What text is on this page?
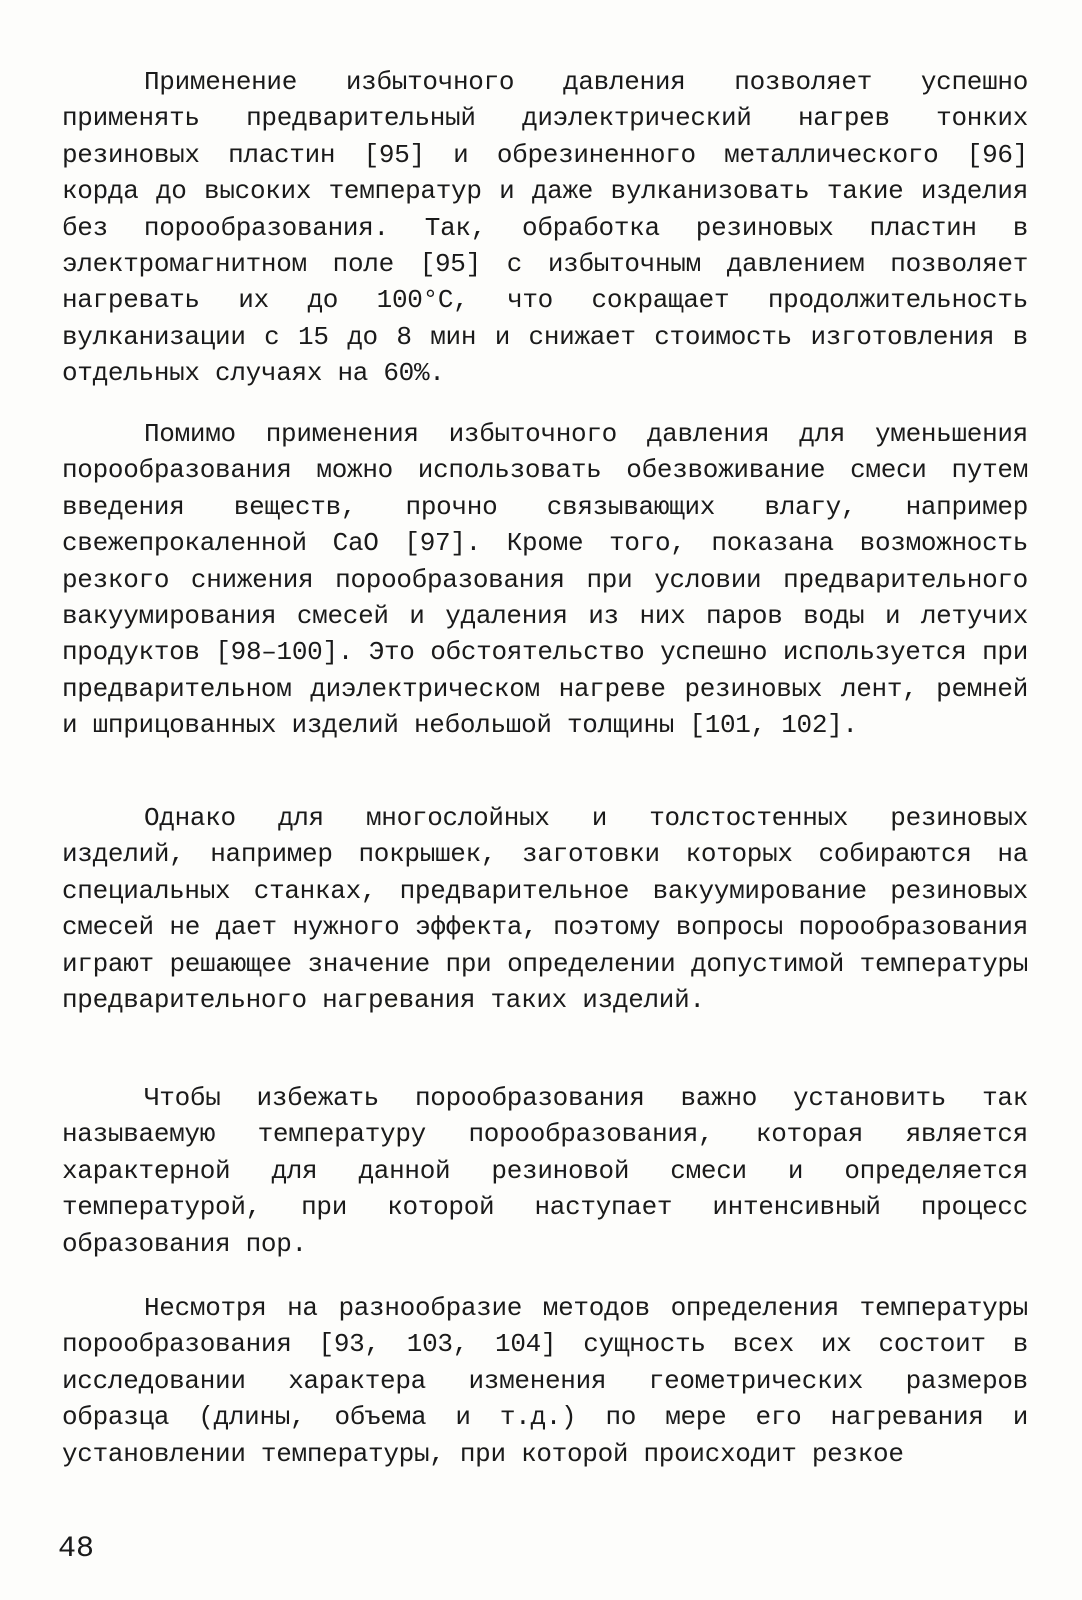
Применение избыточного давления позволяет успешно применять предварительный диэлектрический нагрев тонких резиновых пластин [95] и обрезиненного металлического [96] корда до высоких температур и даже вулканизовать такие изделия без порообразования. Так, обработка резиновых пластин в электромагнитном поле [95] с избыточным давлением позволяет нагревать их до 100°С, что сокращает продолжительность вулканизации с 15 до 8 мин и снижает стоимость изготовления в отдельных случаях на 60%.

Помимо применения избыточного давления для уменьшения порообразования можно использовать обезвоживание смеси путем введения веществ, прочно связывающих влагу, например свежепрокаленной CaO [97]. Кроме того, показана возможность резкого снижения порообразования при условии предварительного вакуумирования смесей и удаления из них паров воды и летучих продуктов [98–100]. Это обстоятельство успешно используется при предварительном диэлектрическом нагреве резиновых лент, ремней и шприцованных изделий небольшой толщины [101, 102].

Однако для многослойных и толстостенных резиновых изделий, например покрышек, заготовки которых собираются на специальных станках, предварительное вакуумирование резиновых смесей не дает нужного эффекта, поэтому вопросы порообразования играют решающее значение при определении допустимой температуры предварительного нагревания таких изделий.

Чтобы избежать порообразования важно установить так называемую температуру порообразования, которая является характерной для данной резиновой смеси и определяется температурой, при которой наступает интенсивный процесс образования пор.

Несмотря на разнообразие методов определения температуры порообразования [93, 103, 104] сущность всех их состоит в исследовании характера изменения геометрических размеров образца (длины, объема и т.д.) по мере его нагревания и установлении температуры, при которой происходит резкое

48
